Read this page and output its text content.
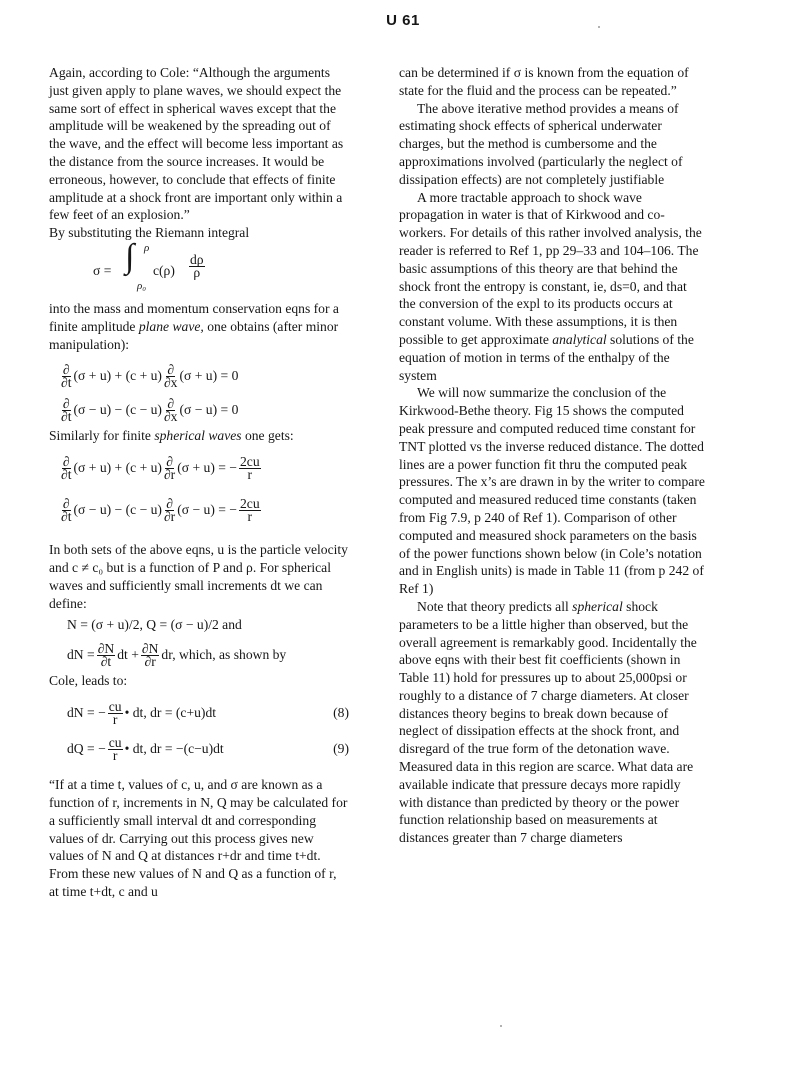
U 61

Again, according to Cole: “Although the arguments just given apply to plane waves, we should expect the same sort of effect in spherical waves except that the amplitude will be weakened by the spreading out of the wave, and the effect will become less important as the distance from the source increases. It would be erroneous, however, to conclude that effects of finite amplitude at a shock front are important only within a few feet of an explosion.”

By substituting the Riemann integral

σ = ∫ ρ
ρ₀
$c(\rho) \frac{d\rho}{\rho}$

into the mass and momentum conservation eqns for a finite amplitude plane wave, one obtains (after minor manipulation):

$\frac{\partial}{\partial t} (\sigma + u) + (c + u) \frac{\partial}{\partial x} (\sigma + u) = 0$
$\frac{\partial}{\partial t} (\sigma - u) - (c - u) \frac{\partial}{\partial x} (\sigma - u) = 0$

Similarly for finite spherical waves one gets:

$\frac{\partial}{\partial t} (\sigma + u) + (c + u) \frac{\partial}{\partial r} (\sigma + u)$ = − $\frac{2cu}{r}$
$\frac{\partial}{\partial t} (\sigma - u) - (c - u) \frac{\partial}{\partial r} (\sigma - u)$ = − $\frac{2cu}{r}$

In both sets of the above eqns, u is the particle velocity and c ≠ c₀ but is a function of P and ρ. For spherical waves and sufficiently small increments dt we can define:

N = (σ + u)/2, Q = (σ − u)/2 and
dN = $\frac{\partial N}{\partial t}$ dt + $\frac{\partial N}{\partial r}$ dr, which, as shown by

Cole, leads to:

dN = − $\frac{cu}{r}$ • dt, dr = (c+u)dt	(8)
dQ = − $\frac{cu}{r}$ • dt, dr = −(c−u)dt	(9)

“If at a time t, values of c, u, and σ are known as a function of r, increments in N, Q may be calculated for a sufficiently small interval dt and corresponding values of dr. Carrying out this process gives new values of N and Q at distances r+dr and time t+dt. From these new values of N and Q as a function of r, at time t+dt, c and u

can be determined if σ is known from the equation of state for the fluid and the process can be repeated.”

The above iterative method provides a means of estimating shock effects of spherical underwater charges, but the method is cumbersome and the approximations involved (particularly the neglect of dissipation effects) are not completely justifiable

A more tractable approach to shock wave propagation in water is that of Kirkwood and co-workers. For details of this rather involved analysis, the reader is referred to Ref 1, pp 29–33 and 104–106. The basic assumptions of this theory are that behind the shock front the entropy is constant, ie, ds=0, and that the conversion of the expl to its products occurs at constant volume. With these assumptions, it is then possible to get approximate analytical solutions of the equation of motion in terms of the enthalpy of the system

We will now summarize the conclusion of the Kirkwood-Bethe theory. Fig 15 shows the computed peak pressure and computed reduced time constant for TNT plotted vs the inverse reduced distance. The dotted lines are a power function fit thru the computed peak pressures. The x’s are drawn in by the writer to compare computed and measured reduced time constants (taken from Fig 7.9, p 240 of Ref 1). Comparison of other computed and measured shock parameters on the basis of the power functions shown below (in Cole’s notation and in English units) is made in Table 11 (from p 242 of Ref 1)

Note that theory predicts all spherical shock parameters to be a little higher than observed, but the overall agreement is remarkably good. Incidentally the above eqns with their best fit coefficients (shown in Table 11) hold for pressures up to about 25,000psi or roughly to a distance of 7 charge diameters. At closer distances theory begins to break down because of neglect of dissipation effects at the shock front, and disregard of the true form of the detonation wave. Measured data in this region are scarce. What data are available indicate that pressure decays more rapidly with distance than predicted by theory or the power function relationship based on measurements at distances greater than 7 charge diameters
